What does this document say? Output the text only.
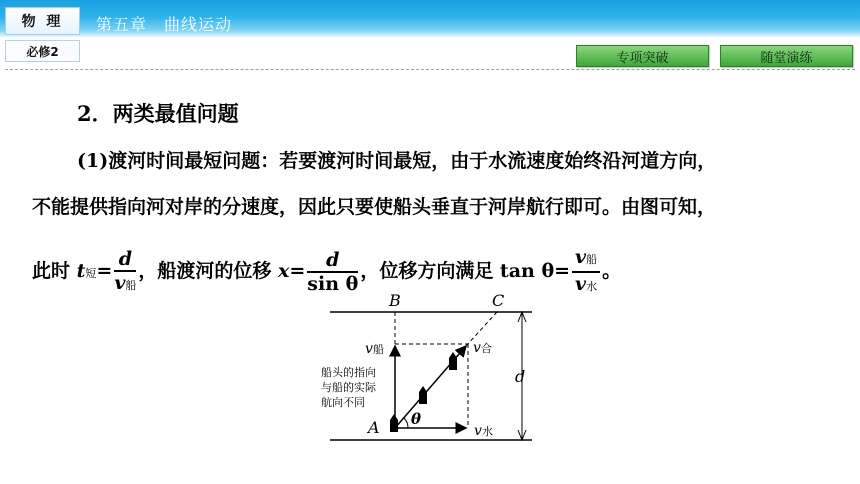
物 理	第五章　曲线运动
必修2	专项突破	随堂演练
2．两类最值问题
(1)渡河时间最短问题：若要渡河时间最短，由于水流速度始终沿河道方向，
不能提供指向河对岸的分速度，因此只要使船头垂直于河岸航行即可。由图可知，
此时 t短= $\frac{d}{\text{v船}}$ ，船渡河的位移 $x= \frac{d}{\text{sin θ}}$ ，位移方向满足 $\tan \theta= \frac{\text{v船}}{\text{v水}}$ 。
B	C
A
d
θ
v 船	v 合
v 水
船头的指向
与船的实际
航向不同
